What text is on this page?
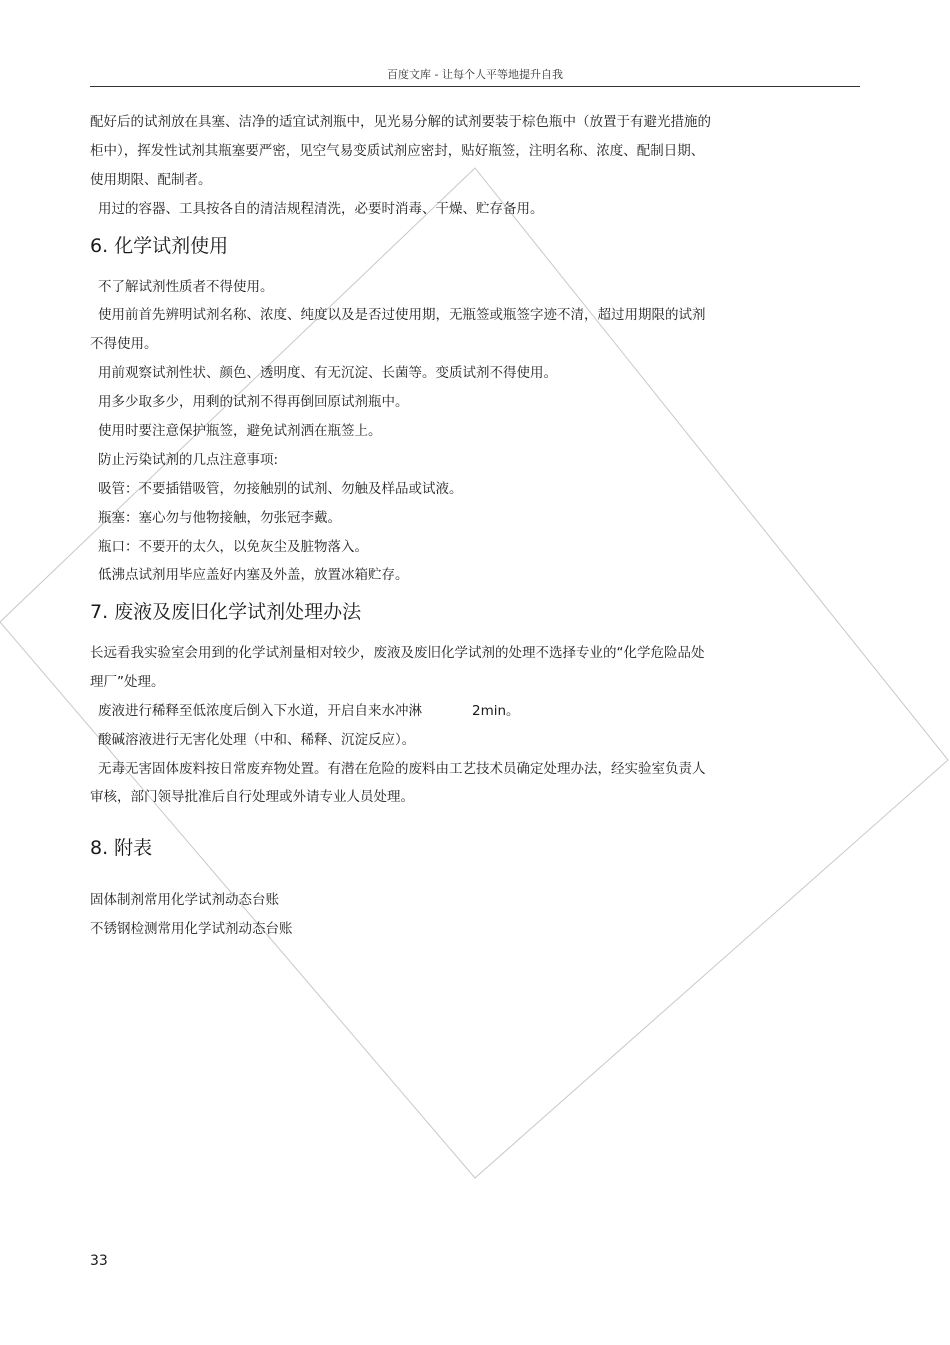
百度文库 - 让每个人平等地提升自我
配好后的试剂放在具塞、洁净的适宜试剂瓶中，见光易分解的试剂要装于棕色瓶中（放置于有避光措施的
柜中），挥发性试剂其瓶塞要严密，见空气易变质试剂应密封，贴好瓶签，注明名称、浓度、配制日期、
使用期限、配制者。
用过的容器、工具按各自的清洁规程清洗，必要时消毒、干燥、贮存备用。
6. 化学试剂使用
不了解试剂性质者不得使用。
使用前首先辨明试剂名称、浓度、纯度以及是否过使用期，无瓶签或瓶签字迹不清，超过用期限的试剂
不得使用。
用前观察试剂性状、颜色、透明度、有无沉淀、长菌等。变质试剂不得使用。
用多少取多少，用剩的试剂不得再倒回原试剂瓶中。
使用时要注意保护瓶签，避免试剂洒在瓶签上。
防止污染试剂的几点注意事项:
吸管：不要插错吸管，勿接触别的试剂、勿触及样品或试液。
瓶塞：塞心勿与他物接触，勿张冠李戴。
瓶口：不要开的太久，以免灰尘及脏物落入。
低沸点试剂用毕应盖好内塞及外盖，放置冰箱贮存。
7. 废液及废旧化学试剂处理办法
长远看我实验室会用到的化学试剂量相对较少，废液及废旧化学试剂的处理不选择专业的“化学危险品处
理厂”处理。
废液进行稀释至低浓度后倒入下水道，开启自来水冲淋	2min。
酸碱溶液进行无害化处理（中和、稀释、沉淀反应）。
无毒无害固体废料按日常废弃物处置。有潜在危险的废料由工艺技术员确定处理办法，经实验室负责人
审核，部门领导批准后自行处理或外请专业人员处理。
8. 附表
固体制剂常用化学试剂动态台账
不锈钢检测常用化学试剂动态台账
33
